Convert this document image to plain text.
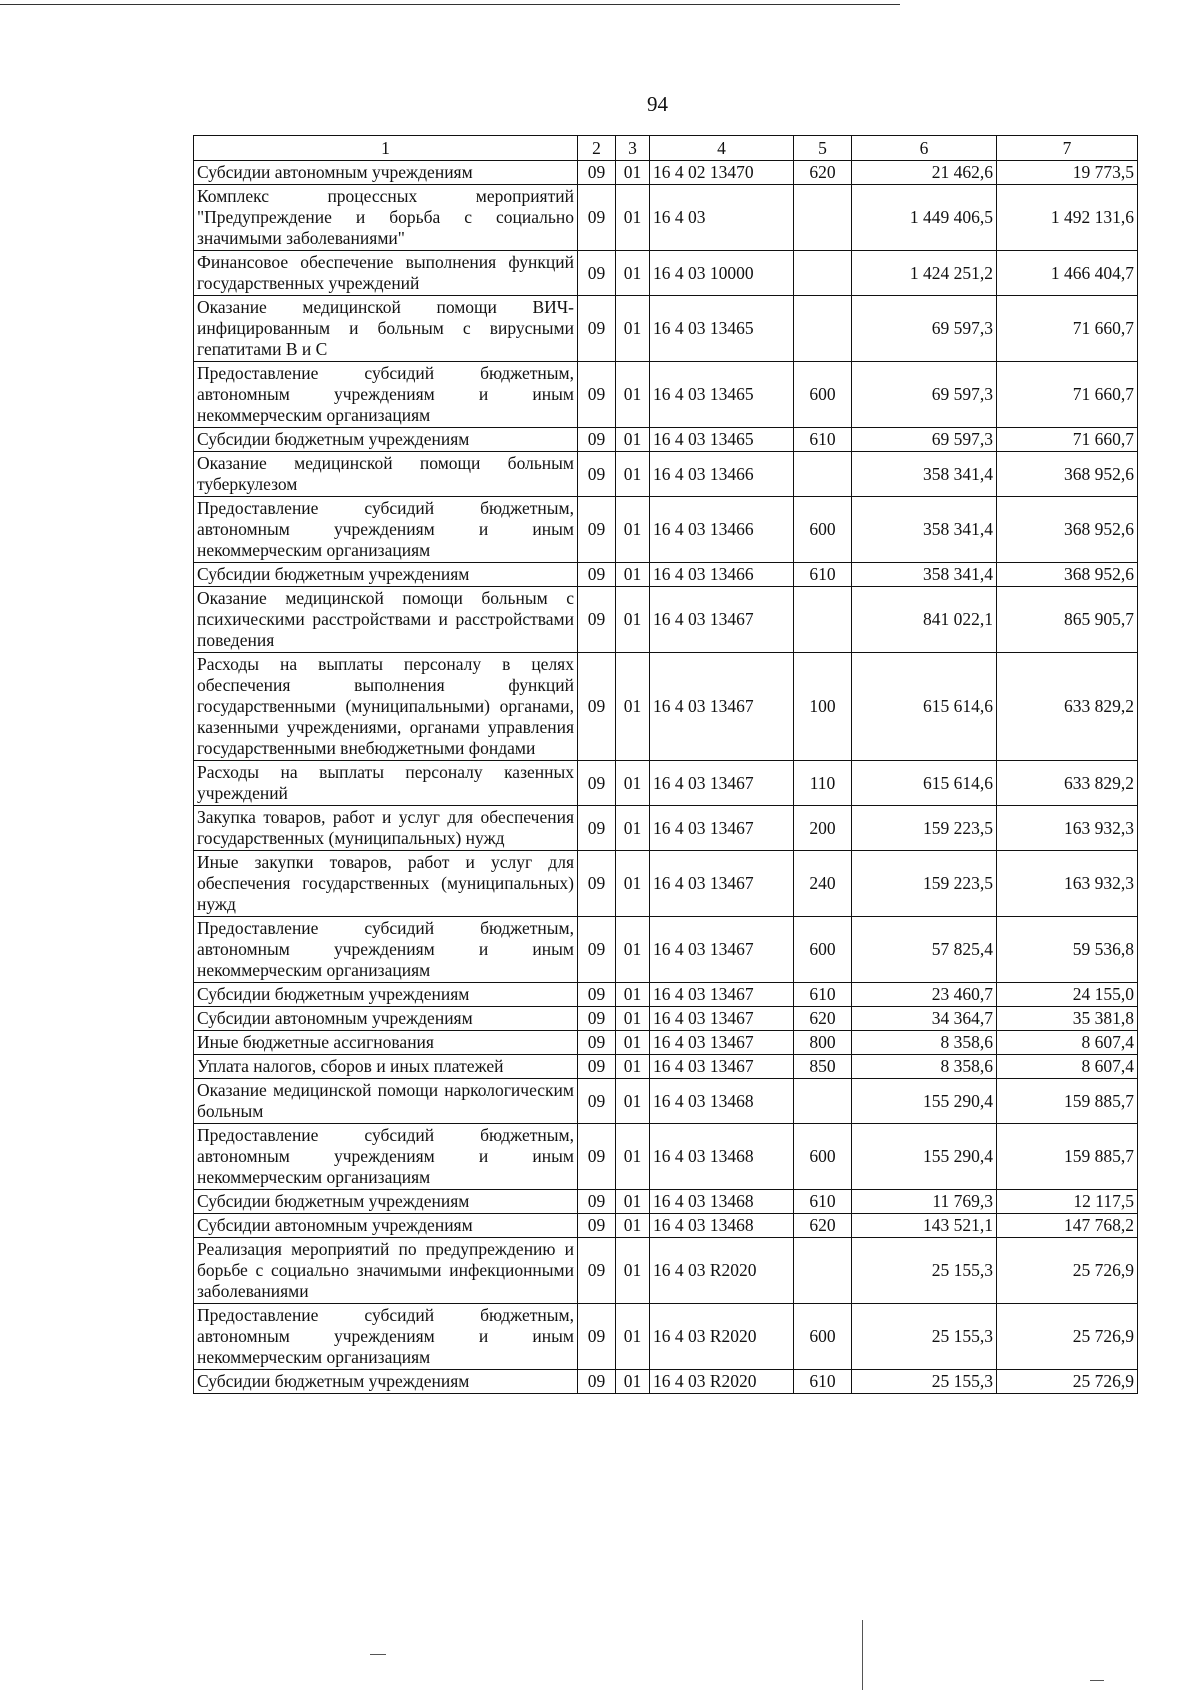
94
1	2	3	4	5	6	7
Субсидии автономным учреждениям	09	01	16 4 02 13470	620	21 462,6	19 773,5
Комплекс процессных мероприятий "Предупреждение и борьба с социально значимыми заболеваниями"	09	01	16 4 03		1 449 406,5	1 492 131,6
Финансовое обеспечение выполнения функций государственных учреждений	09	01	16 4 03 10000		1 424 251,2	1 466 404,7
Оказание медицинской помощи ВИЧ-инфицированным и больным с вирусными гепатитами В и С	09	01	16 4 03 13465		69 597,3	71 660,7
Предоставление субсидий бюджетным, автономным учреждениям и иным некоммерческим организациям	09	01	16 4 03 13465	600	69 597,3	71 660,7
Субсидии бюджетным учреждениям	09	01	16 4 03 13465	610	69 597,3	71 660,7
Оказание медицинской помощи больным туберкулезом	09	01	16 4 03 13466		358 341,4	368 952,6
Предоставление субсидий бюджетным, автономным учреждениям и иным некоммерческим организациям	09	01	16 4 03 13466	600	358 341,4	368 952,6
Субсидии бюджетным учреждениям	09	01	16 4 03 13466	610	358 341,4	368 952,6
Оказание медицинской помощи больным с психическими расстройствами и расстройствами поведения	09	01	16 4 03 13467		841 022,1	865 905,7
Расходы на выплаты персоналу в целях обеспечения выполнения функций государственными (муниципальными) органами, казенными учреждениями, органами управления государственными внебюджетными фондами	09	01	16 4 03 13467	100	615 614,6	633 829,2
Расходы на выплаты персоналу казенных учреждений	09	01	16 4 03 13467	110	615 614,6	633 829,2
Закупка товаров, работ и услуг для обеспечения государственных (муниципальных) нужд	09	01	16 4 03 13467	200	159 223,5	163 932,3
Иные закупки товаров, работ и услуг для обеспечения государственных (муниципальных) нужд	09	01	16 4 03 13467	240	159 223,5	163 932,3
Предоставление субсидий бюджетным, автономным учреждениям и иным некоммерческим организациям	09	01	16 4 03 13467	600	57 825,4	59 536,8
Субсидии бюджетным учреждениям	09	01	16 4 03 13467	610	23 460,7	24 155,0
Субсидии автономным учреждениям	09	01	16 4 03 13467	620	34 364,7	35 381,8
Иные бюджетные ассигнования	09	01	16 4 03 13467	800	8 358,6	8 607,4
Уплата налогов, сборов и иных платежей	09	01	16 4 03 13467	850	8 358,6	8 607,4
Оказание медицинской помощи наркологическим больным	09	01	16 4 03 13468		155 290,4	159 885,7
Предоставление субсидий бюджетным, автономным учреждениям и иным некоммерческим организациям	09	01	16 4 03 13468	600	155 290,4	159 885,7
Субсидии бюджетным учреждениям	09	01	16 4 03 13468	610	11 769,3	12 117,5
Субсидии автономным учреждениям	09	01	16 4 03 13468	620	143 521,1	147 768,2
Реализация мероприятий по предупреждению и борьбе с социально значимыми инфекционными заболеваниями	09	01	16 4 03 R2020		25 155,3	25 726,9
Предоставление субсидий бюджетным, автономным учреждениям и иным некоммерческим организациям	09	01	16 4 03 R2020	600	25 155,3	25 726,9
Субсидии бюджетным учреждениям	09	01	16 4 03 R2020	610	25 155,3	25 726,9
